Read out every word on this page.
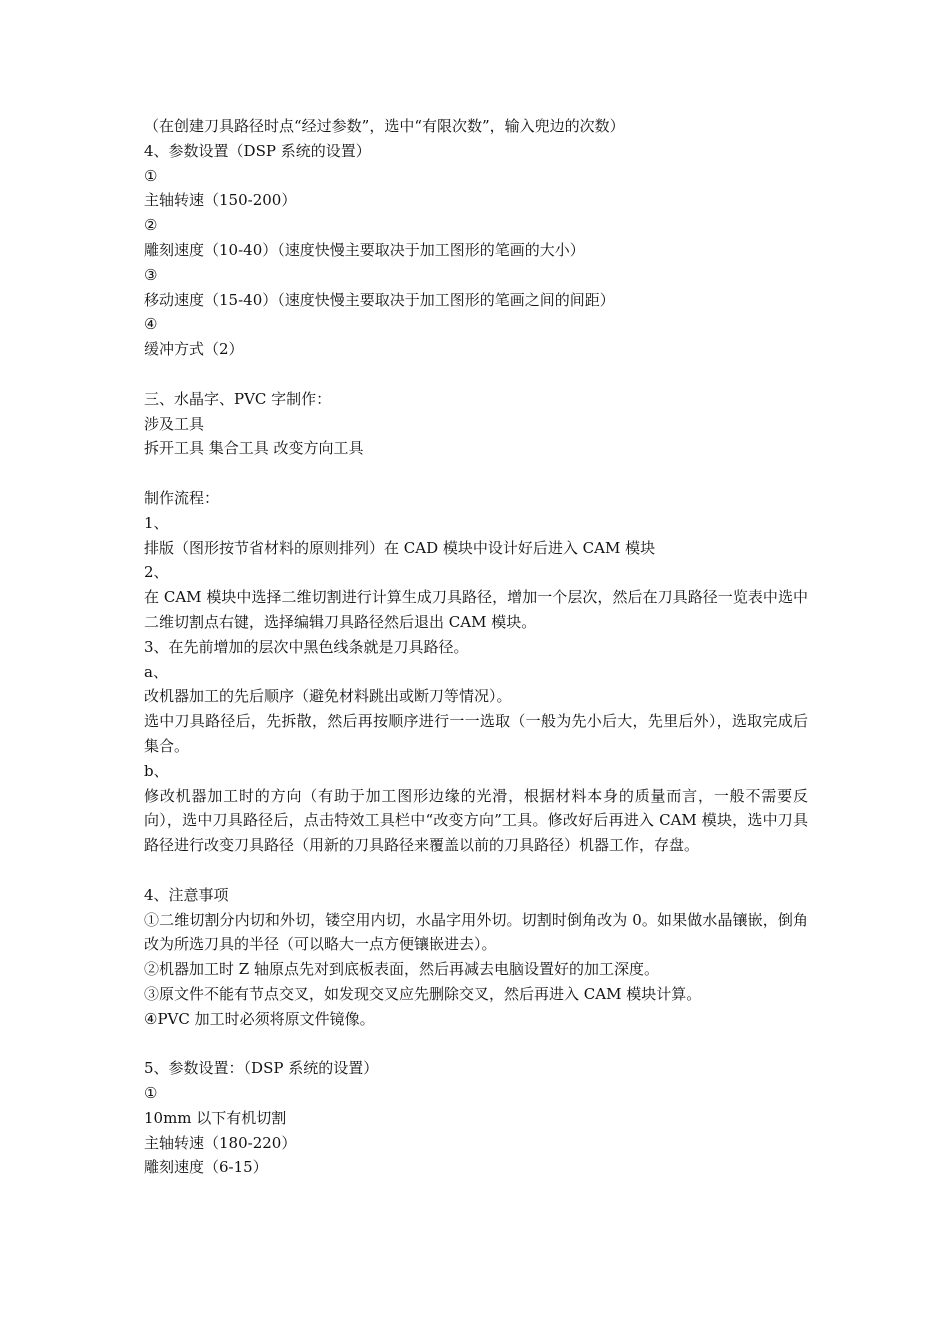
（在创建刀具路径时点“经过参数”，选中“有限次数”，输入兜边的次数）
4、参数设置（DSP 系统的设置）
①
主轴转速（150-200）
②
雕刻速度（10-40）（速度快慢主要取决于加工图形的笔画的大小）
③
移动速度（15-40）（速度快慢主要取决于加工图形的笔画之间的间距）
④
缓冲方式（2）
三、水晶字、PVC 字制作：
涉及工具
拆开工具 集合工具 改变方向工具
制作流程：
1、
排版（图形按节省材料的原则排列）在 CAD 模块中设计好后进入 CAM 模块
2、
在 CAM 模块中选择二维切割进行计算生成刀具路径，增加一个层次，然后在刀具路径一览表中选中二维切割点右键，选择编辑刀具路径然后退出 CAM 模块。
3、在先前增加的层次中黑色线条就是刀具路径。
a、
改机器加工的先后顺序（避免材料跳出或断刀等情况）。
选中刀具路径后，先拆散，然后再按顺序进行一一选取（一般为先小后大，先里后外），选取完成后集合。
b、
修改机器加工时的方向（有助于加工图形边缘的光滑，根据材料本身的质量而言，一般不需要反向），选中刀具路径后，点击特效工具栏中“改变方向”工具。修改好后再进入 CAM 模块，选中刀具路径进行改变刀具路径（用新的刀具路径来覆盖以前的刀具路径）机器工作，存盘。
4、注意事项
①二维切割分内切和外切，镂空用内切，水晶字用外切。切割时倒角改为 0。如果做水晶镶嵌，倒角改为所选刀具的半径（可以略大一点方便镶嵌进去）。
②机器加工时 Z 轴原点先对到底板表面，然后再减去电脑设置好的加工深度。
③原文件不能有节点交叉，如发现交叉应先删除交叉，然后再进入 CAM 模块计算。
④PVC 加工时必须将原文件镜像。
5、参数设置：（DSP 系统的设置）
①
10mm 以下有机切割
主轴转速（180-220）
雕刻速度（6-15）
